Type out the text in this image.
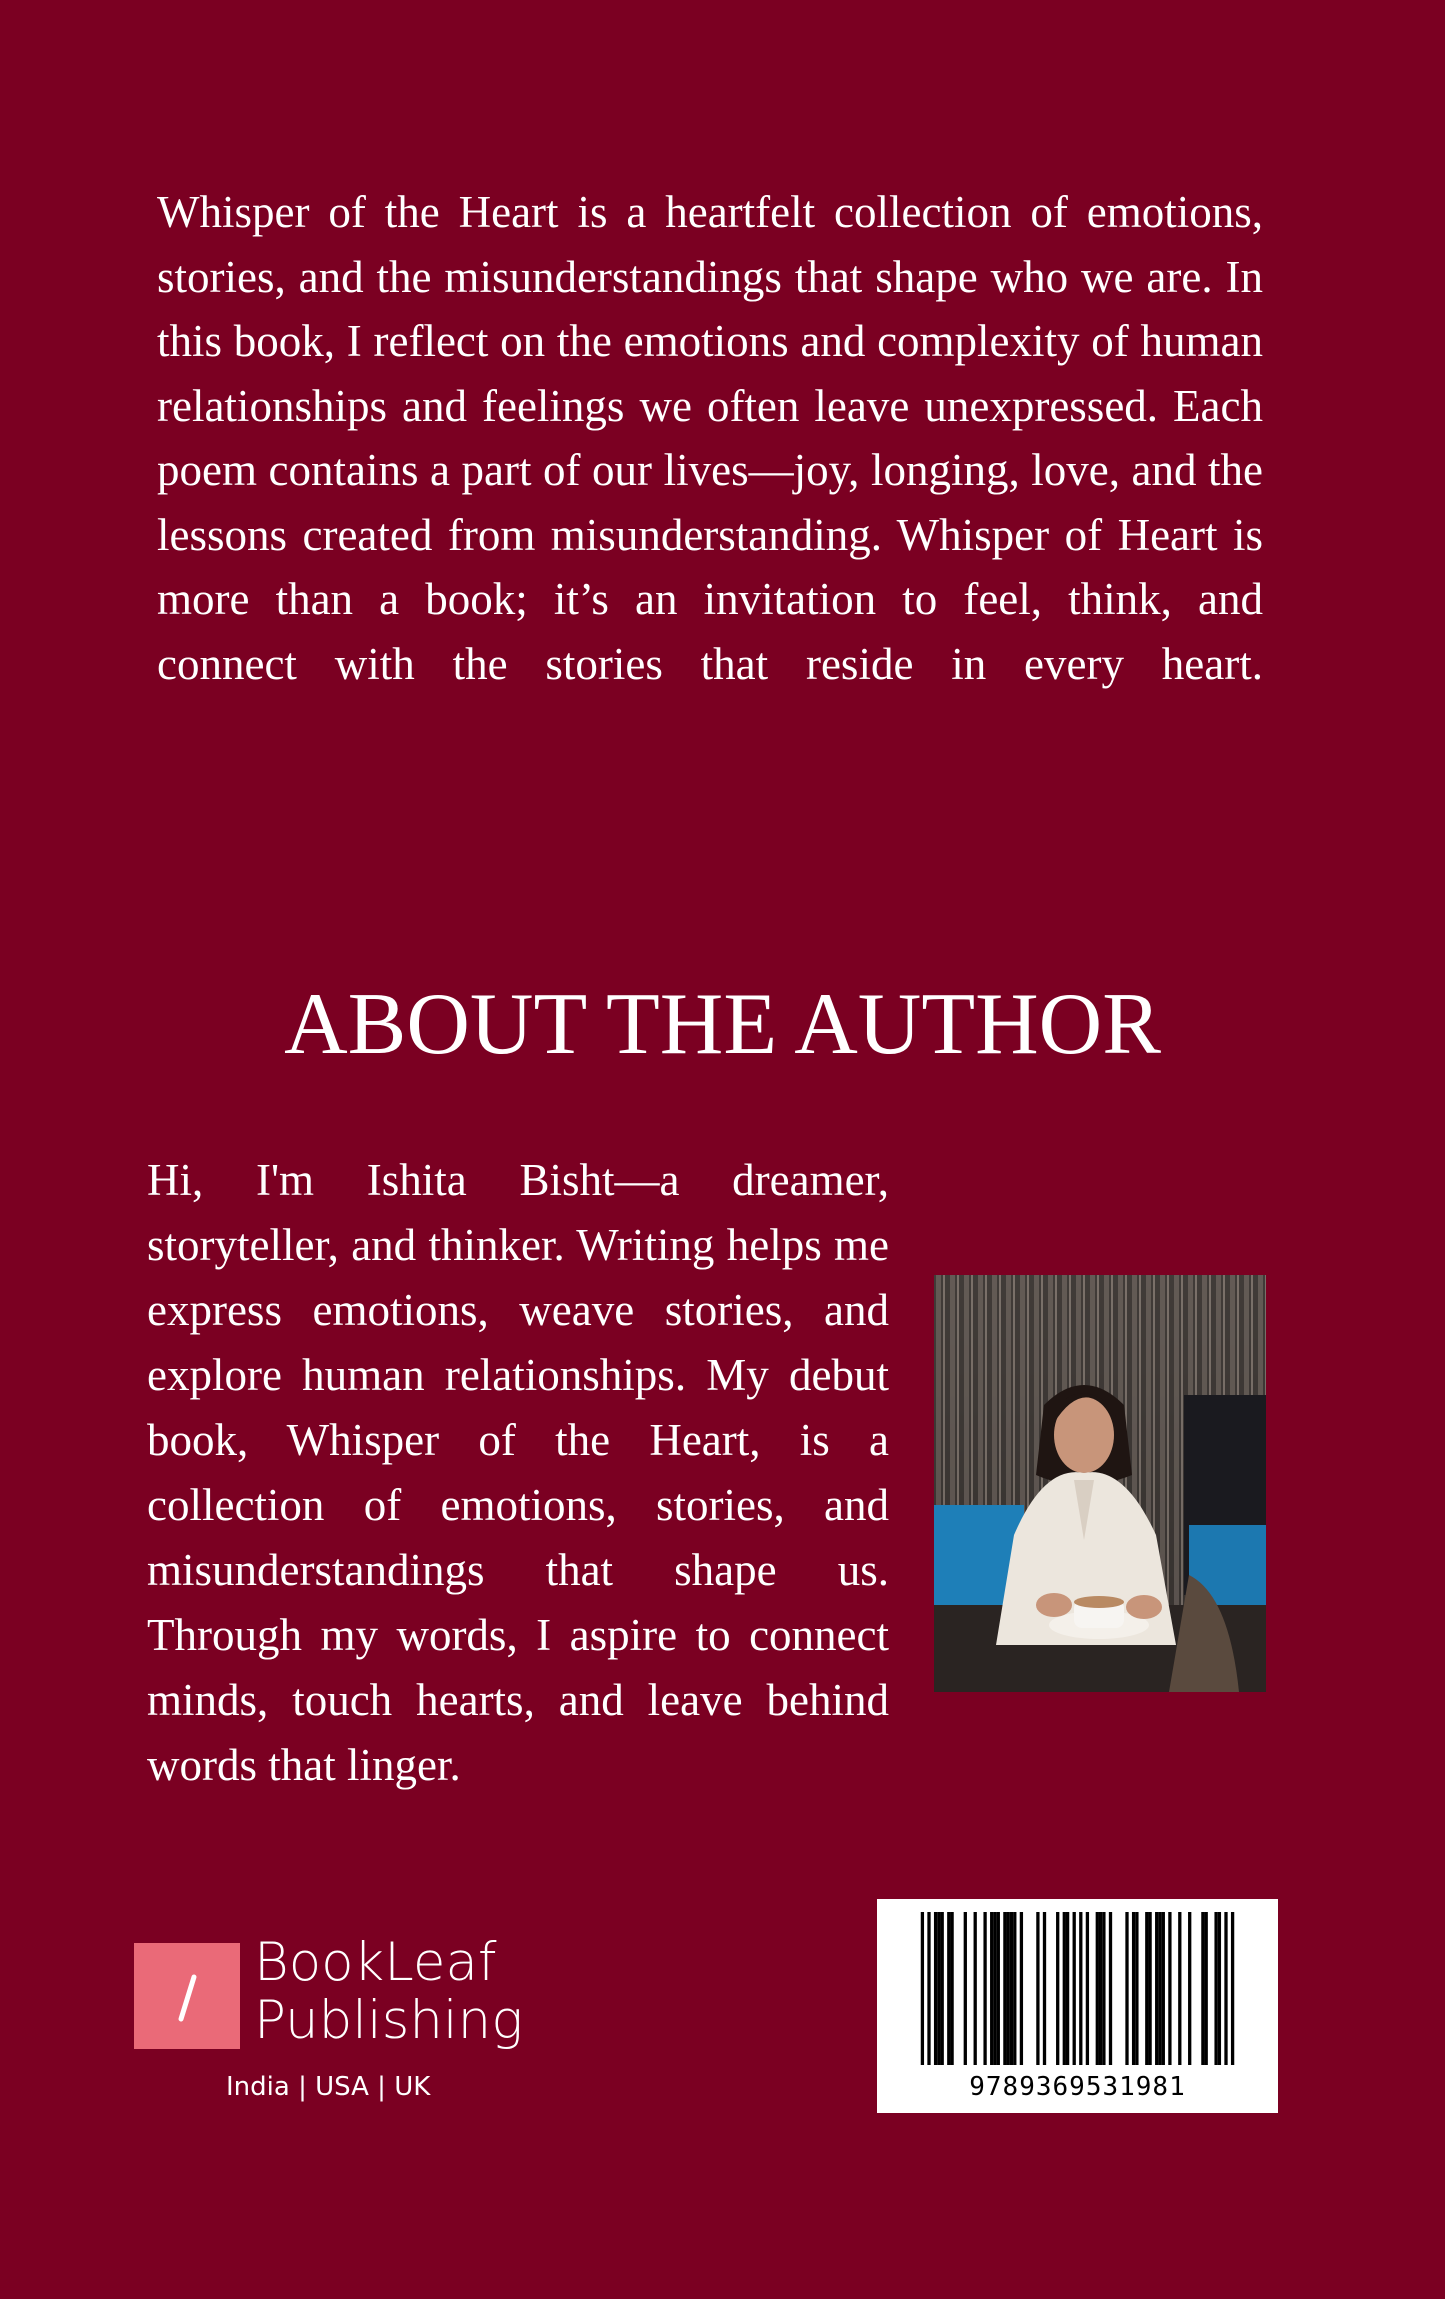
Whisper of the Heart is a heartfelt collection of emotions, stories, and the misunderstandings that shape who we are. In this book, I reflect on the emotions and complexity of human relationships and feelings we often leave unexpressed. Each poem contains a part of our lives—joy, longing, love, and the lessons created from misunderstanding. Whisper of Heart is more than a book; it’s an invitation to feel, think, and connect with the stories that reside in every heart.

ABOUT THE AUTHOR

Hi, I'm Ishita Bisht—a dreamer, storyteller, and thinker. Writing helps me express emotions, weave stories, and explore human relationships. My debut book, Whisper of the Heart, is a collection of emotions, stories, and misunderstandings that shape us. Through my words, I aspire to connect minds, touch hearts, and leave behind words that linger.

BookLeaf
Publishing
India | USA | UK	9789369531981
